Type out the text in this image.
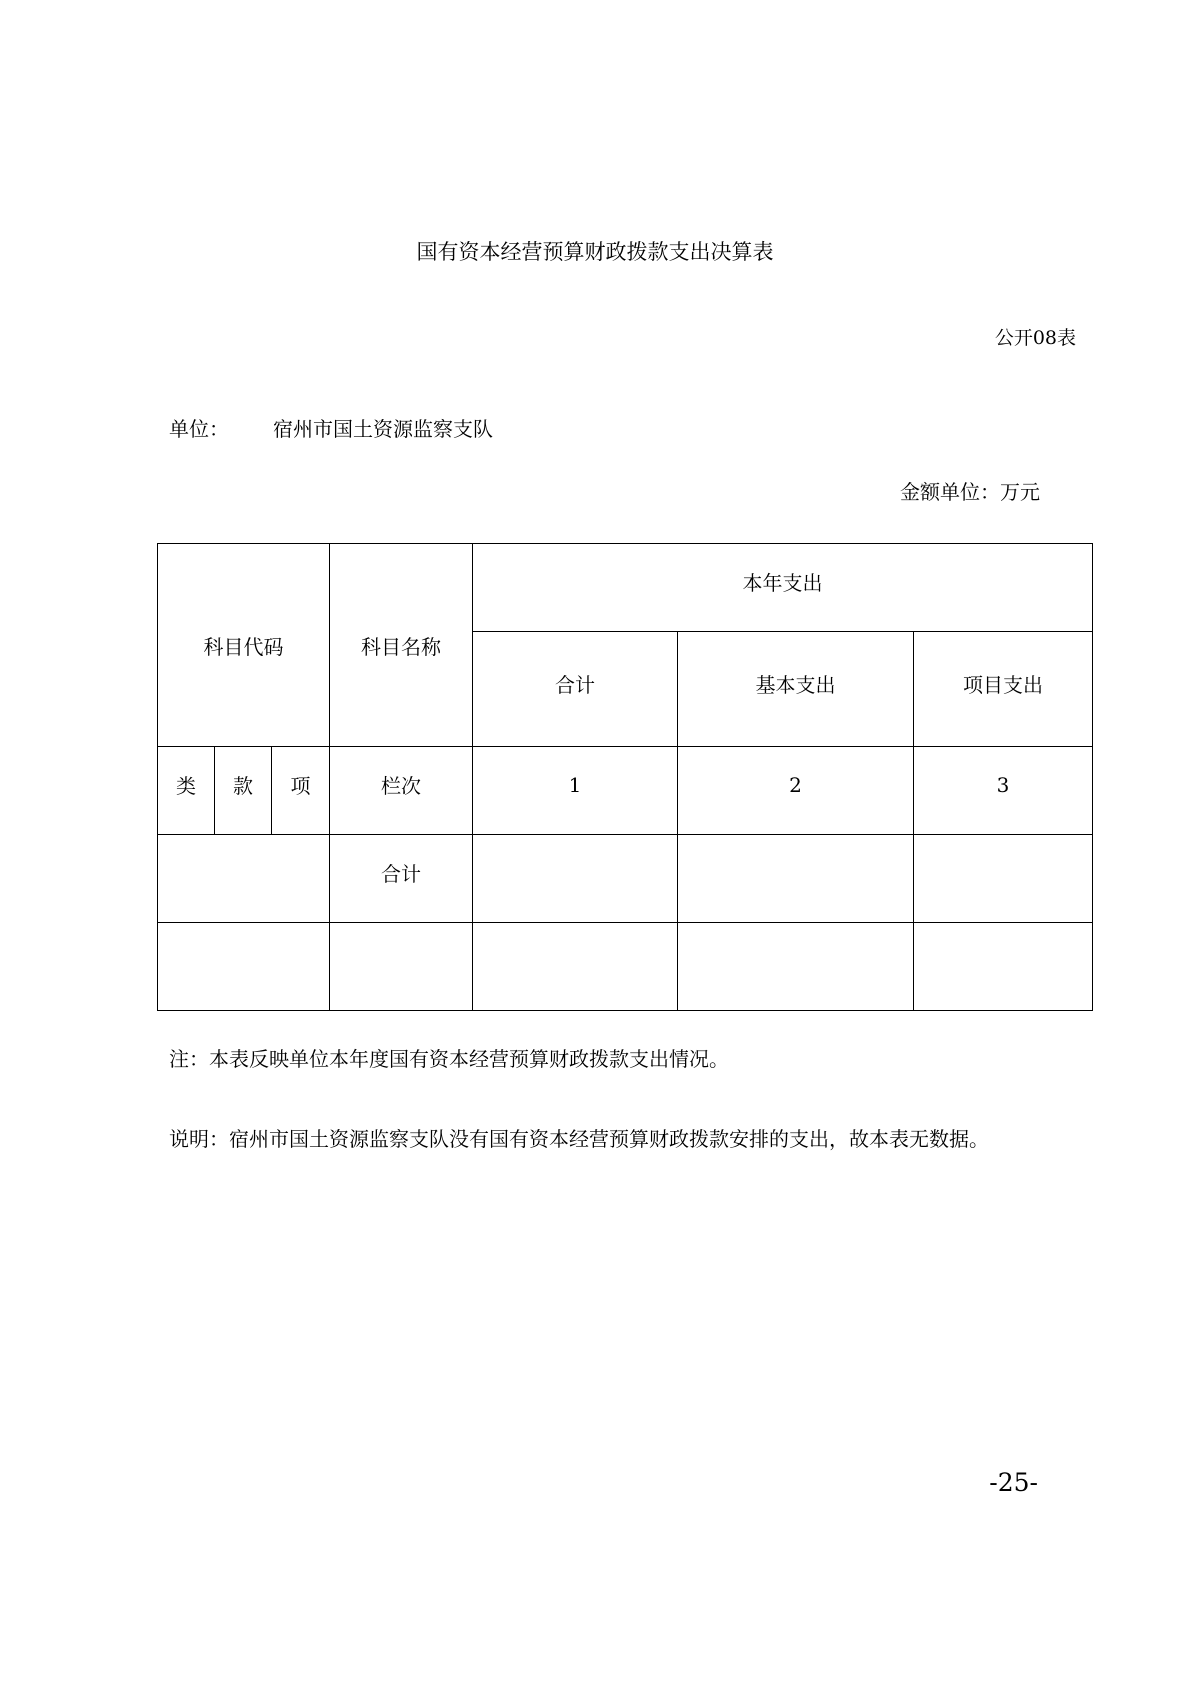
国有资本经营预算财政拨款支出决算表
公开08表
单位： 宿州市国土资源监察支队
金额单位：万元
科目代码			科目名称	本年支出		
				合计	基本支出	项目支出
类	款	项	栏次	1	2	3
			合计			

注：本表反映单位本年度国有资本经营预算财政拨款支出情况。
说明：宿州市国土资源监察支队没有国有资本经营预算财政拨款安排的支出，故本表无数据。
-25-
